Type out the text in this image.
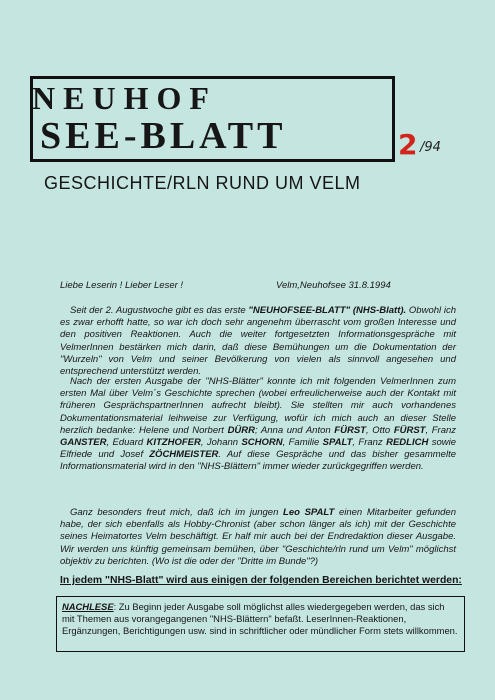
N E U H O F
SEE-BLATT	2 /94
GESCHICHTE/RLN RUND UM VELM
Liebe Leserin ! Lieber Leser !	Velm,Neuhofsee 31.8.1994

Seit der 2. Augustwoche gibt es das erste "NEUHOFSEE-BLATT" (NHS-Blatt). Obwohl ich es zwar erhofft hatte, so war ich doch sehr angenehm überrascht vom großen Interesse und den positiven Reaktionen. Auch die weiter fortgesetzten Informationsgespräche mit VelmerInnen bestärken mich darin, daß diese Bemühungen um die Dokumentation der "Wurzeln" von Velm und seiner Bevölkerung von vielen als sinnvoll angesehen und entsprechend unterstützt werden.

Nach der ersten Ausgabe der "NHS-Blätter" konnte ich mit folgenden VelmerInnen zum ersten Mal über Velm´s Geschichte sprechen (wobei erfreulicherweise auch der Kontakt mit früheren GesprächspartnerInnen aufrecht bleibt). Sie stellten mir auch vorhandenes Dokumentationsmaterial leihweise zur Verfügung, wofür ich mich auch an dieser Stelle herzlich bedanke: Helene und Norbert DÜRR; Anna und Anton FÜRST, Otto FÜRST, Franz GANSTER, Eduard KITZHOFER, Johann SCHORN, Familie SPALT, Franz REDLICH sowie Elfriede und Josef ZÖCHMEISTER. Auf diese Gespräche und das bisher gesammelte Informationsmaterial wird in den "NHS-Blättern" immer wieder zurückgegriffen werden.

Ganz besonders freut mich, daß ich im jungen Leo SPALT einen Mitarbeiter gefunden habe, der sich ebenfalls als Hobby-Chronist (aber schon länger als ich) mit der Geschichte seines Heimatortes Velm beschäftigt. Er half mir auch bei der Endredaktion dieser Ausgabe. Wir werden uns künftig gemeinsam bemühen, über "Geschichte/rln rund um Velm" möglichst objektiv zu berichten. (Wo ist die oder der "Dritte im Bunde"?)

In jedem "NHS-Blatt" wird aus einigen der folgenden Bereichen berichtet werden:
NACHLESE: Zu Beginn jeder Ausgabe soll möglichst alles wiedergegeben werden, das sich mit Themen aus vorangegangenen "NHS-Blättern" befaßt. LeserInnen-Reaktionen, Ergänzungen, Berichtigungen usw. sind in schriftlicher oder mündlicher Form stets willkommen.
